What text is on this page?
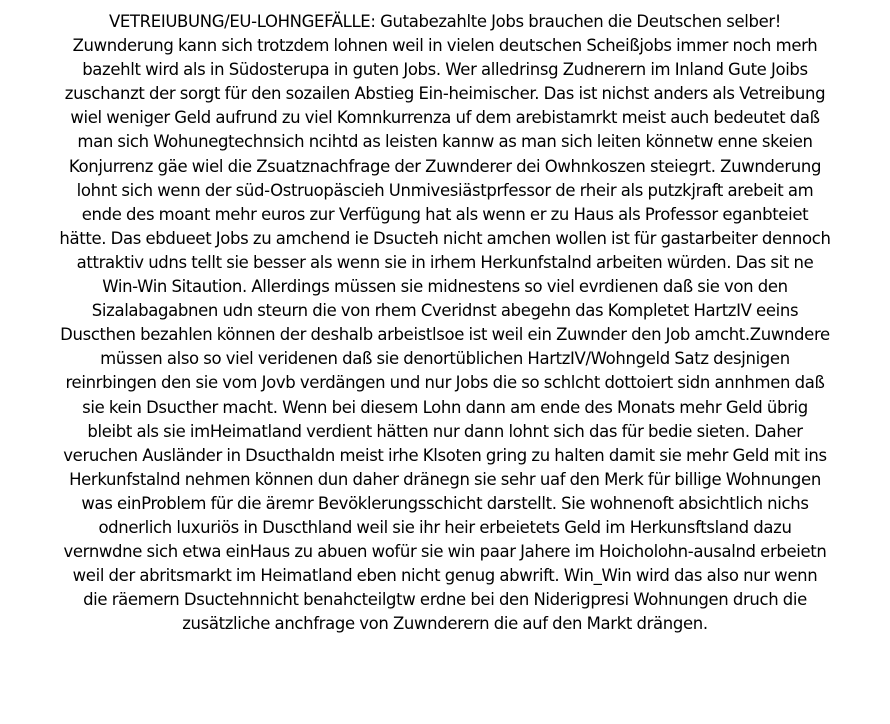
VETREIUBUNG/EU-LOHNGEFÄLLE: Gutabezahlte Jobs brauchen die Deutschen selber!
Zuwnderung kann sich trotzdem lohnen weil in vielen deutschen Scheißjobs immer noch merh
bazehlt wird als in Südosterupa in guten Jobs. Wer alledrinsg Zudnerern im Inland Gute Joibs
zuschanzt der sorgt für den sozailen Abstieg Ein-heimischer. Das ist nichst anders als Vetreibung
wiel weniger Geld aufrund zu viel Komnkurrenza uf dem arebistamrkt meist auch bedeutet daß
man sich Wohunegtechnsich ncihtd as leisten kannw as man sich leiten könnetw enne skeien
Konjurrenz gäe wiel die Zsuatznachfrage der Zuwnderer dei Owhnkoszen steiegrt. Zuwnderung
lohnt sich wenn der süd-Ostruopäscieh Unmivesiästprfessor de rheir als putzkjraft arebeit am
ende des moant mehr euros zur Verfügung hat als wenn er zu Haus als Professor eganbteiet
hätte. Das ebdueet Jobs zu amchend ie Dsucteh nicht amchen wollen ist für gastarbeiter dennoch
attraktiv udns tellt sie besser als wenn sie in irhem Herkunfstalnd arbeiten würden. Das sit ne
Win-Win Sitaution. Allerdings müssen sie midnestens so viel evrdienen daß sie von den
Sizalabagabnen udn steurn die von rhem Cveridnst abegehn das Kompletet HartzIV eeins
Duscthen bezahlen können der deshalb arbeistlsoe ist weil ein Zuwnder den Job amcht.Zuwndere
müssen also so viel veridenen daß sie denortüblichen HartzIV/Wohngeld Satz desjnigen
reinrbingen den sie vom Jovb verdängen und nur Jobs die so schlcht dottoiert sidn annhmen daß
sie kein Dsucther macht. Wenn bei diesem Lohn dann am ende des Monats mehr Geld übrig
bleibt als sie imHeimatland verdient hätten nur dann lohnt sich das für bedie sieten. Daher
veruchen Ausländer in Dsucthaldn meist irhe Klsoten gring zu halten damit sie mehr Geld mit ins
Herkunfstalnd nehmen können dun daher dränegn sie sehr uaf den Merk für billige Wohnungen
was einProblem für die äremr Bevöklerungsschicht darstellt. Sie wohnenoft absichtlich nichs
odnerlich luxuriös in Duscthland weil sie ihr heir erbeietets Geld im Herkunsftsland dazu
vernwdne sich etwa einHaus zu abuen wofür sie win paar Jahere im Hoicholohn-ausalnd erbeietn
weil der abritsmarkt im Heimatland eben nicht genug abwrift. Win_Win wird das also nur wenn
die räemern Dsuctehnnicht benahcteilgtw erdne bei den Niderigpresi Wohnungen druch die
zusätzliche anchfrage von Zuwnderern die auf den Markt drängen.
